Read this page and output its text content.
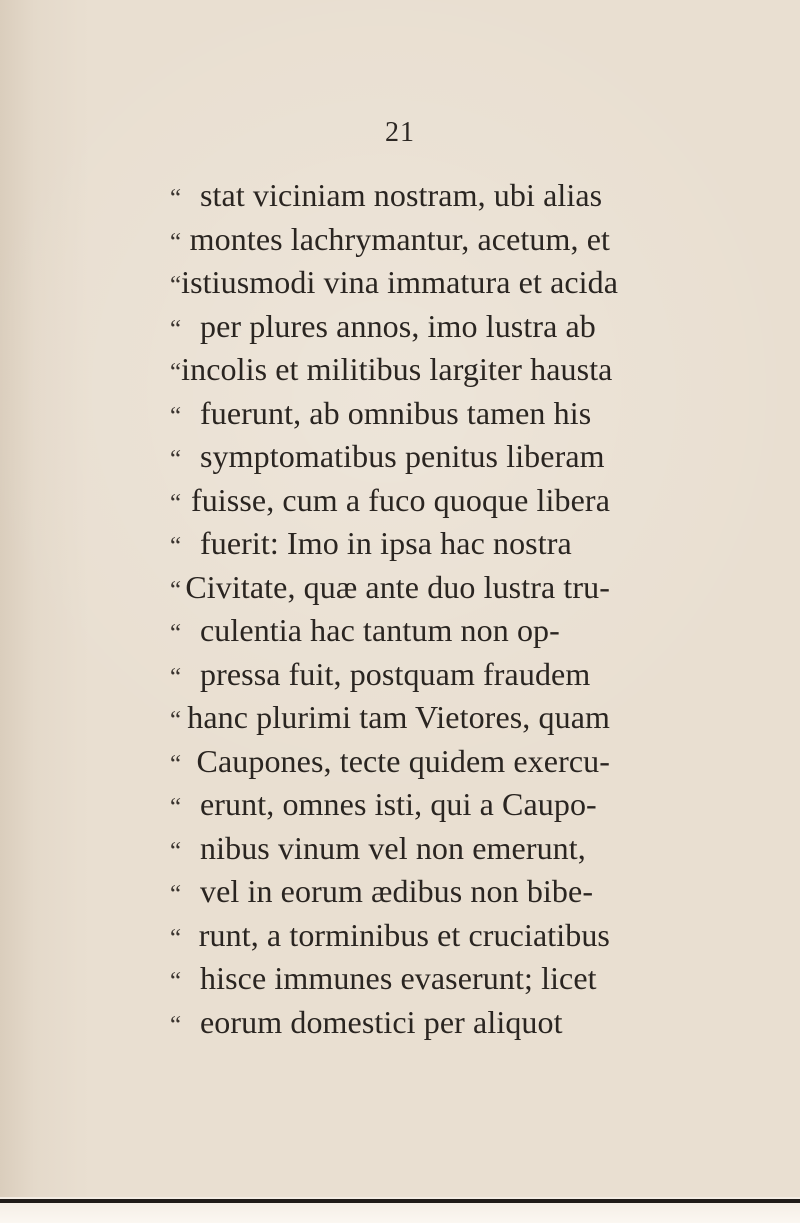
21
“ stat viciniam nostram, ubi alias
“ montes lachrymantur, acetum, et
“ istiusmodi vina immatura et acida
“ per plures annos, imo lustra ab
“ incolis et militibus largiter hausta
“ fuerunt, ab omnibus tamen his
“ symptomatibus penitus liberam
“ fuisse, cum a fuco quoque libera
“ fuerit: Imo in ipsa hac nostra
“ Civitate, quæ ante duo lustra tru-
“ culentia hac tantum non op-
“ pressa fuit, postquam fraudem
“ hanc plurimi tam Vietores, quam
“ Caupones, tecte quidem exercu-
“ erunt, omnes isti, qui a Caupo-
“ nibus vinum vel non emerunt,
“ vel in eorum ædibus non bibe-
“ runt, a torminibus et cruciatibus
“ hisce immunes evaserunt; licet
“ eorum domestici per aliquot
